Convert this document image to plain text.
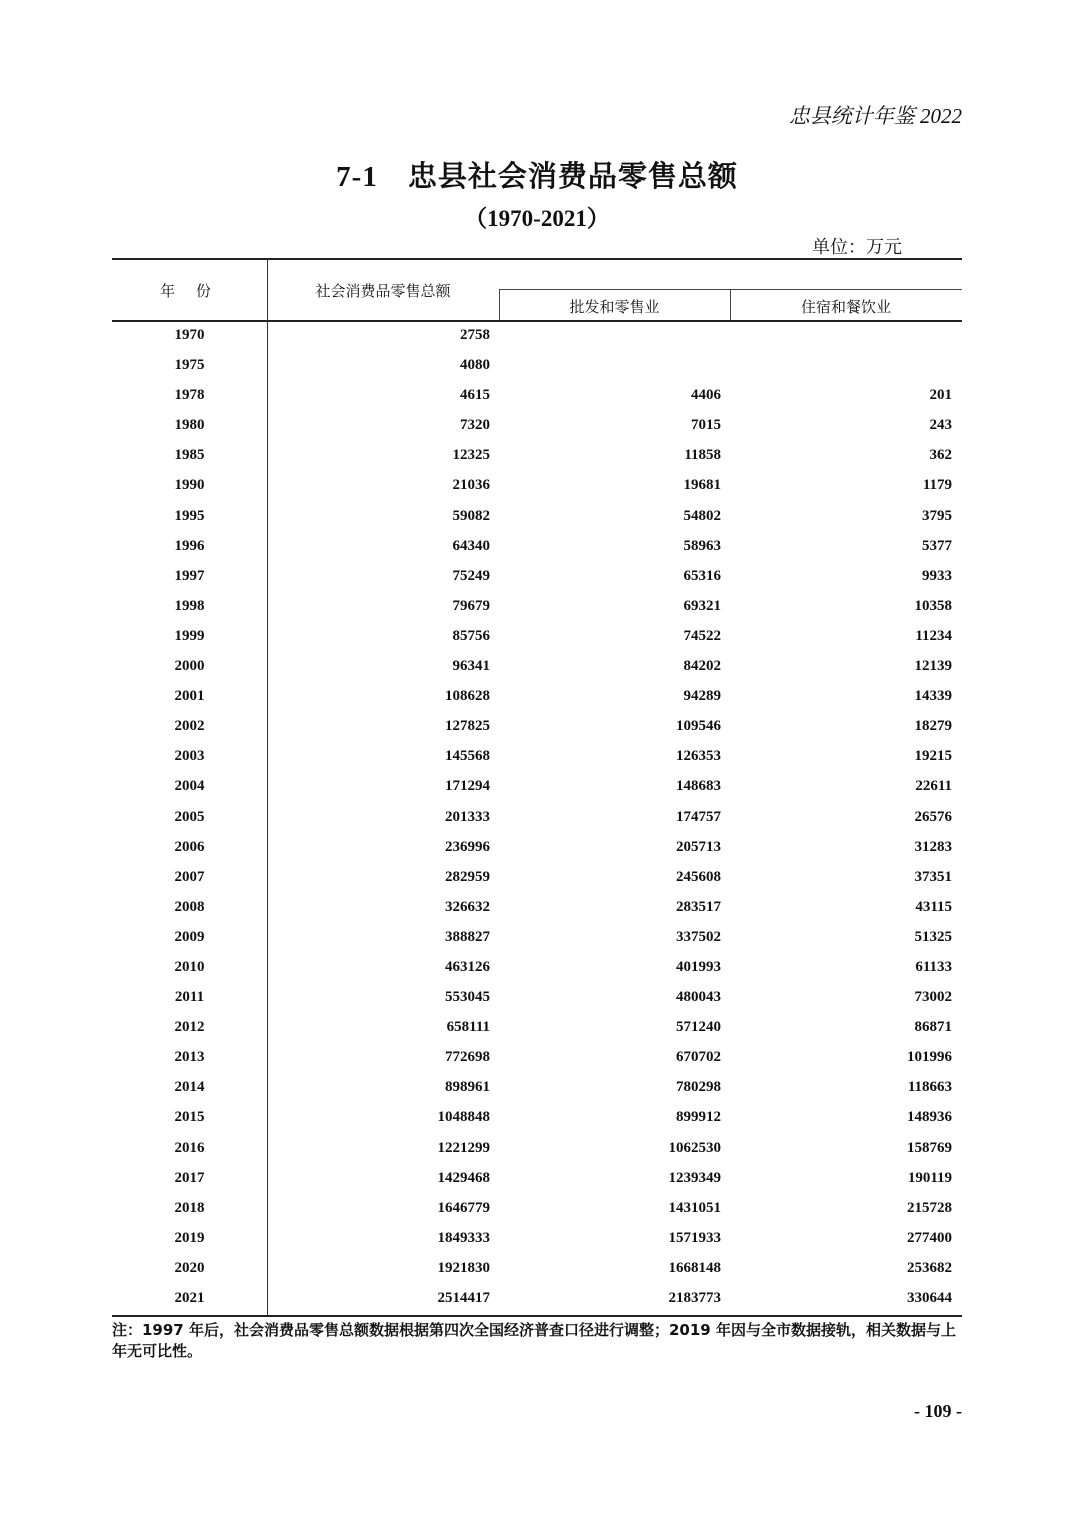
忠县统计年鉴 2022
7-1　忠县社会消费品零售总额
（1970-2021）
单位：万元
年 份	社会消费品零售总额
批发和零售业	住宿和餐饮业
1970	2758
1975	4080
1978	4615	4406	201
1980	7320	7015	243
1985	12325	11858	362
1990	21036	19681	1179
1995	59082	54802	3795
1996	64340	58963	5377
1997	75249	65316	9933
1998	79679	69321	10358
1999	85756	74522	11234
2000	96341	84202	12139
2001	108628	94289	14339
2002	127825	109546	18279
2003	145568	126353	19215
2004	171294	148683	22611
2005	201333	174757	26576
2006	236996	205713	31283
2007	282959	245608	37351
2008	326632	283517	43115
2009	388827	337502	51325
2010	463126	401993	61133
2011	553045	480043	73002
2012	658111	571240	86871
2013	772698	670702	101996
2014	898961	780298	118663
2015	1048848	899912	148936
2016	1221299	1062530	158769
2017	1429468	1239349	190119
2018	1646779	1431051	215728
2019	1849333	1571933	277400
2020	1921830	1668148	253682
2021	2514417	2183773	330644
注：1997 年后，社会消费品零售总额数据根据第四次全国经济普查口径进行调整；2019 年因与全市数据接轨，相关数据与上年无可比性。
- 109 -
